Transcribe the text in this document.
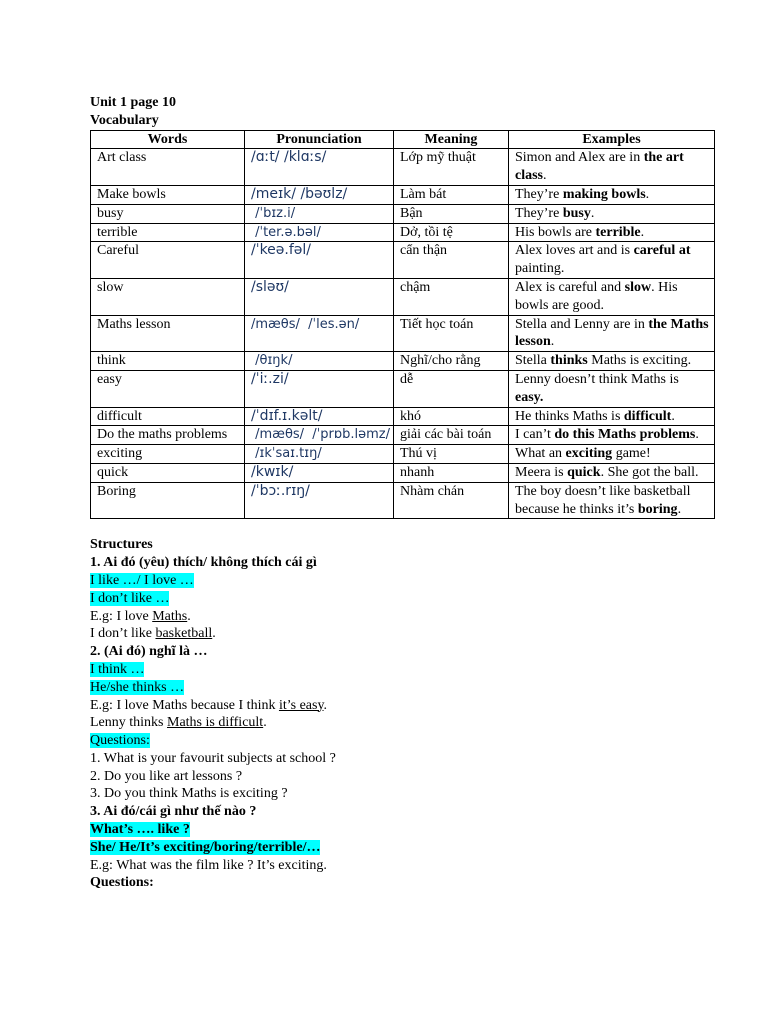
Unit 1 page 10
Vocabulary
Words	Pronunciation	Meaning	Examples
Art class	/ɑːt/ /klɑːs/	Lớp mỹ thuật	Simon and Alex are in the art class.
Make bowls	/meɪk/ /bəʊlz/	Làm bát	They’re making bowls.
busy	/ˈbɪz.i/	Bận	They’re busy.
terrible	/ˈter.ə.bəl/	Dở, tồi tệ	His bowls are terrible.
Careful	/ˈkeə.fəl/	cẩn thận	Alex loves art and is careful at painting.
slow	/sləʊ/	chậm	Alex is careful and slow. His bowls are good.
Maths lesson	/mæθs/  /ˈles.ən/	Tiết học toán	Stella and Lenny are in the Maths lesson.
think	/θɪŋk/	Nghĩ/cho rằng	Stella thinks Maths is exciting.
easy	/ˈiː.zi/	dễ	Lenny doesn’t think Maths is easy.
difficult	/ˈdɪf.ɪ.kəlt/	khó	He thinks Maths is difficult.
Do the maths problems	/mæθs/  /ˈprɒb.ləmz/	giải các bài toán	I can’t do this Maths problems.
exciting	/ɪkˈsaɪ.tɪŋ/	Thú vị	What an exciting game!
quick	/kwɪk/	nhanh	Meera is quick. She got the ball.
Boring	/ˈbɔː.rɪŋ/	Nhàm chán	The boy doesn’t like basketball because he thinks it’s boring.
Structures
1. Ai đó (yêu) thích/ không thích cái gì
I like …/ I love …
I don’t like …
E.g: I love Maths.
I don’t like basketball.
2. (Ai đó) nghĩ là …
I think …
He/she thinks …
E.g: I love Maths because I think it’s easy.
Lenny thinks Maths is difficult.
Questions:
1. What is your favourit subjects at school ?
2. Do you like art lessons ?
3. Do you think Maths is exciting ?
3. Ai đó/cái gì như thế nào ?
What’s …. like ?
She/ He/It’s exciting/boring/terrible/…
E.g: What was the film like ? It’s exciting.
Questions:
